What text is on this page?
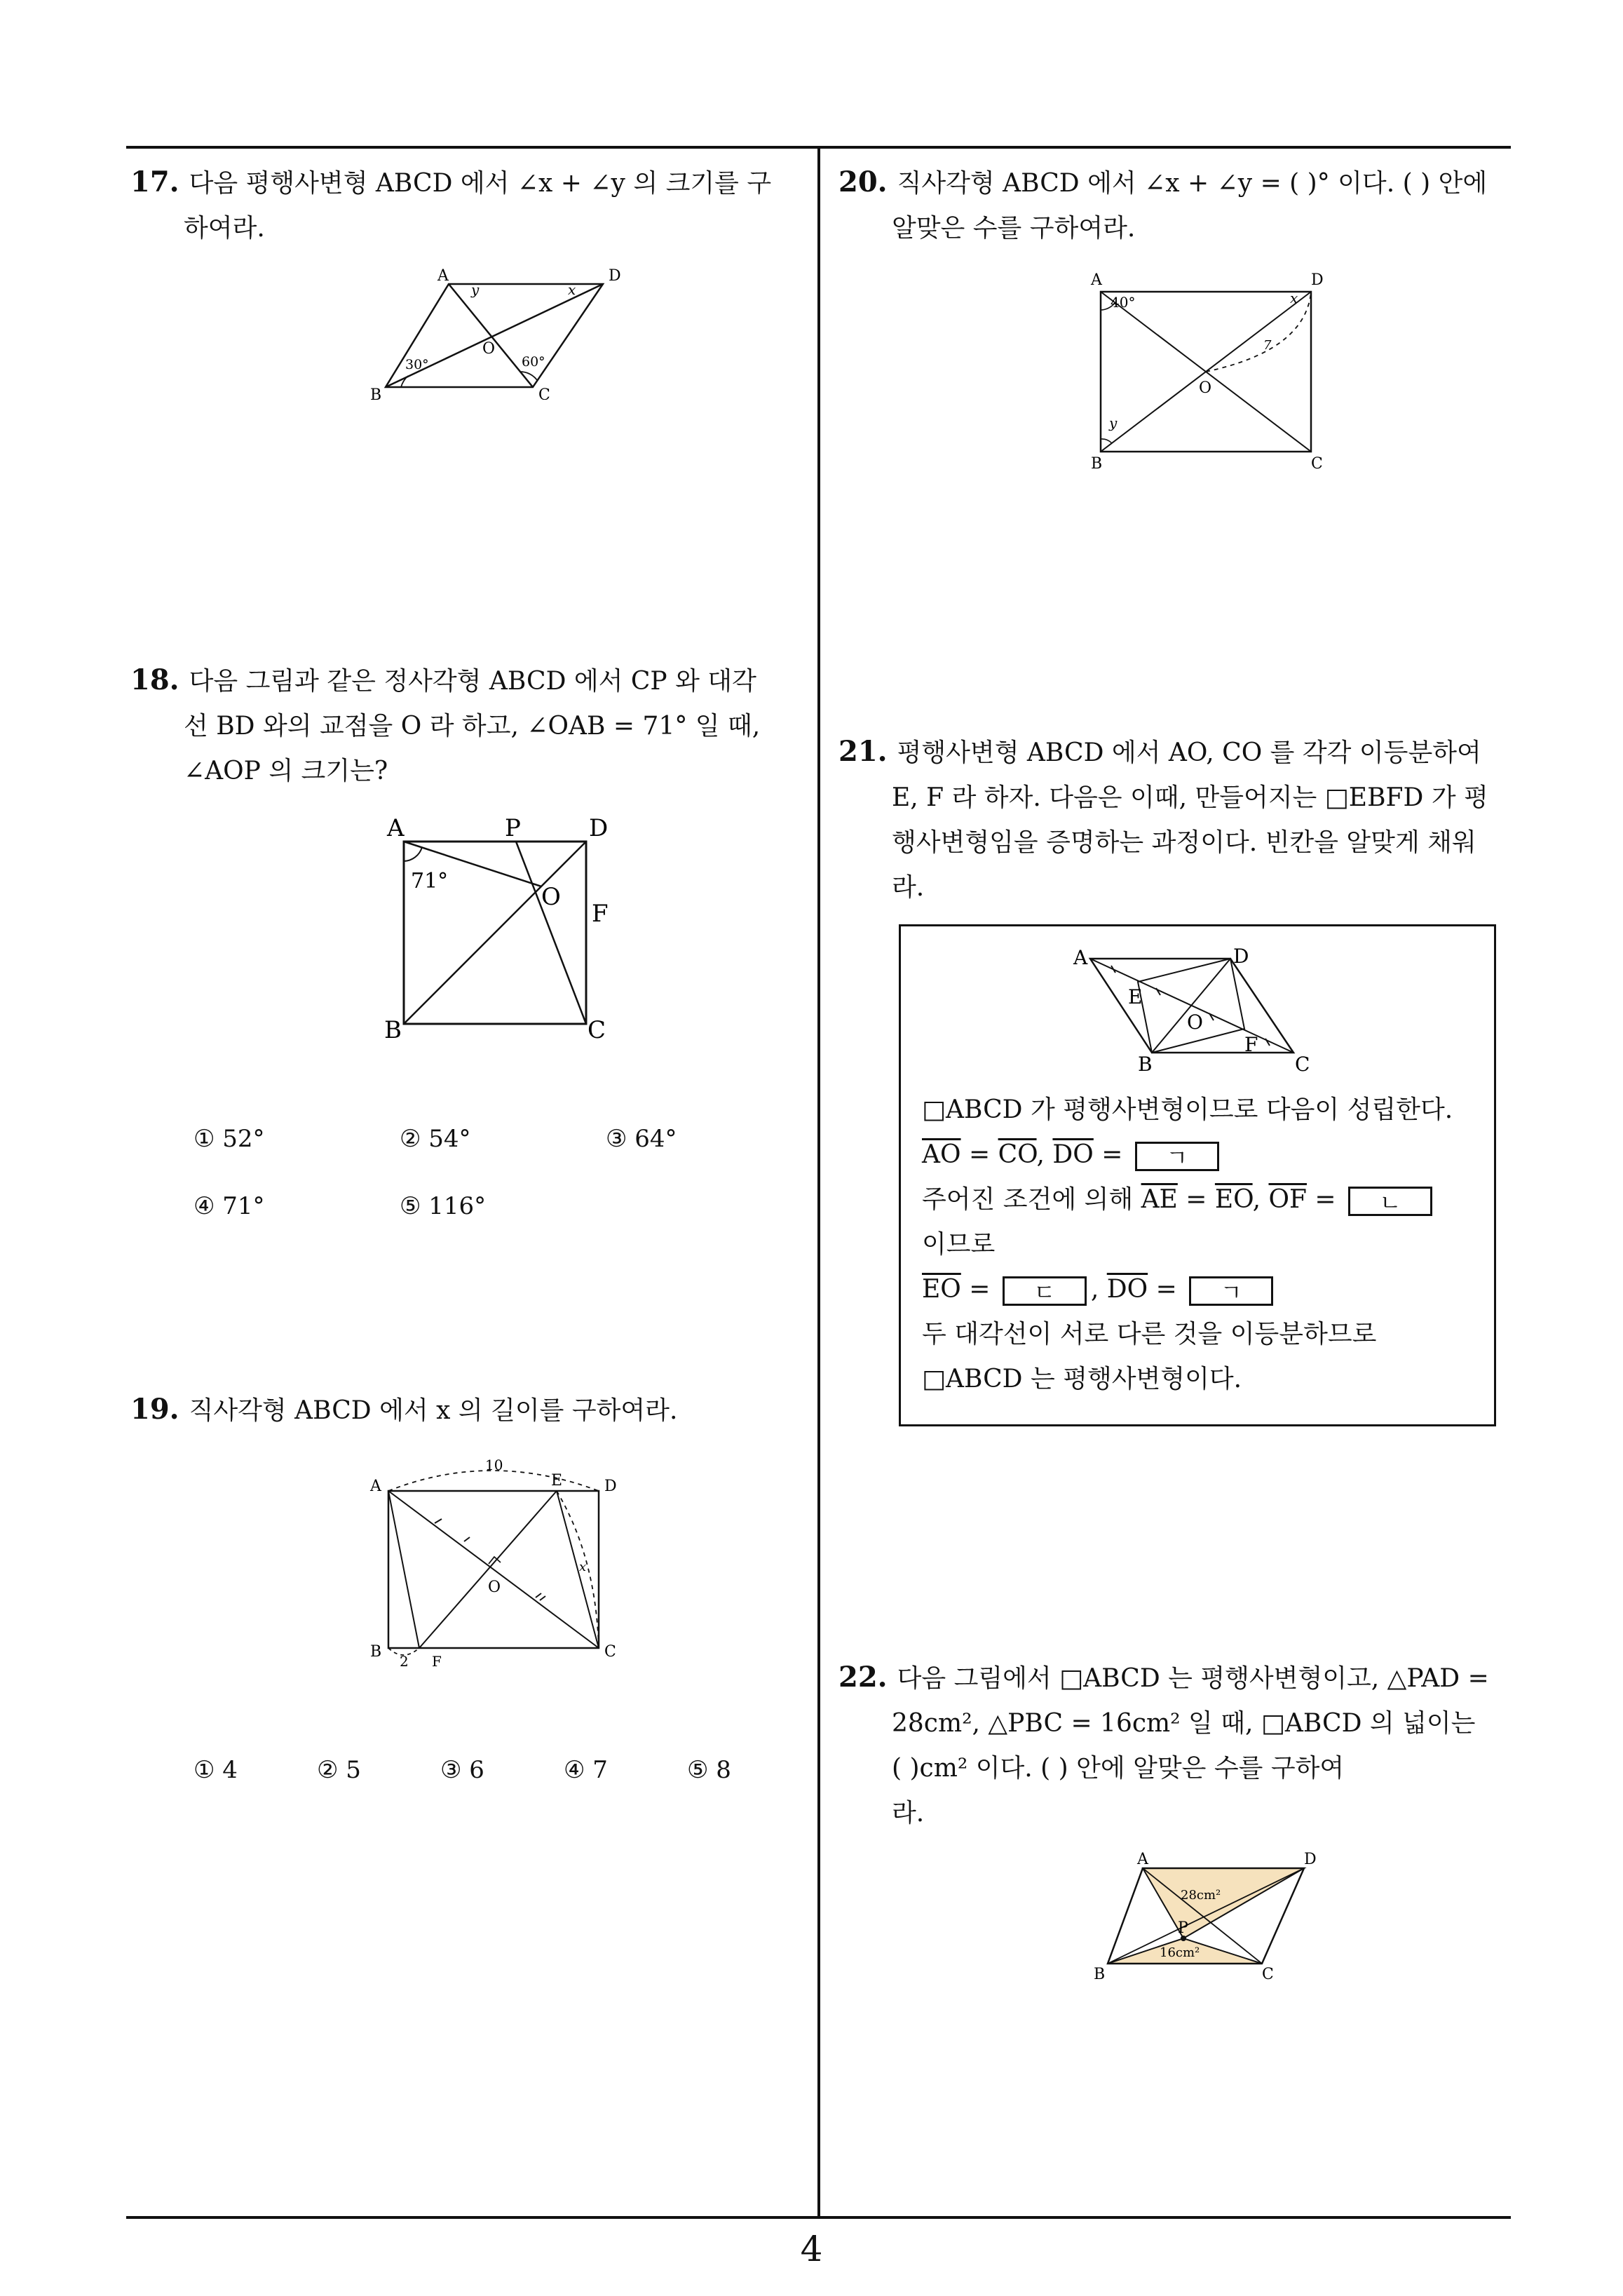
4
17. 다음 평행사변형 ABCD 에서 ∠x + ∠y 의 크기를 구
하여라.
A	D
B	C
O
y	x
30°	60°
18. 다음 그림과 같은 정사각형 ABCD 에서 CP 와 대각
선 BD 와의 교점을 O 라 하고, ∠OAB = 71° 일 때,
∠AOP 의 크기는?
A	P	D
B	C
O
F
71°
① 52°	② 54°	③ 64°
④ 71°	⑤ 116°
19. 직사각형 ABCD 에서 x 의 길이를 구하여라.
A	E	D
B	C
O
F
10
2
x
① 4	② 5	③ 6	④ 7	⑤ 8
20. 직사각형 ABCD 에서 ∠x + ∠y = ( )° 이다. ( ) 안에
알맞은 수를 구하여라.
A	D
B	C
O
40°	x
y
7
21. 평행사변형 ABCD 에서 AO, CO 를 각각 이등분하여
E, F 라 하자. 다음은 이때, 만들어지는 □EBFD 가 평
행사변형임을 증명하는 과정이다. 빈칸을 알맞게 채워
라.
A	D
B	C
E
F
O
□ABCD 가 평행사변형이므로 다음이 성립한다.
$\overline{AO} = \overline{CO}$, $\overline{DO}$ = ㄱ
주어진 조건에 의해 $\overline{AE} = \overline{EO}$, $\overline{OF}$ = ㄴ
이므로
$\overline{EO}$ = ㄷ , $\overline{DO}$ = ㄱ
두 대각선이 서로 다른 것을 이등분하므로
□ABCD 는 평행사변형이다.
22. 다음 그림에서 □ABCD 는 평행사변형이고, △PAD =
28cm², △PBC = 16cm² 일 때, □ABCD 의 넓이는
( )cm² 이다. ( ) 안에 알맞은 수를 구하여
라.
A	D
B	C
P
28cm²
16cm²
